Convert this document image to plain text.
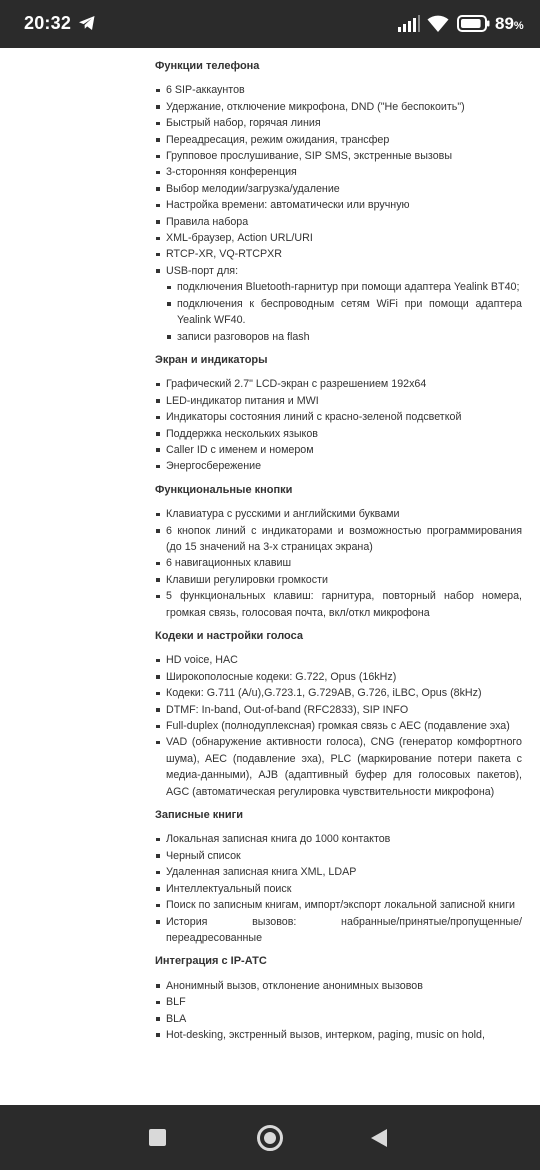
20:32	89%
Функции телефона
6 SIP-аккаунтов
Удержание, отключение микрофона, DND ("Не беспокоить")
Быстрый набор, горячая линия
Переадресация, режим ожидания, трансфер
Групповое прослушивание, SIP SMS, экстренные вызовы
3-сторонняя конференция
Выбор мелодии/загрузка/удаление
Настройка времени: автоматически или вручную
Правила набора
XML-браузер, Action URL/URI
RTCP-XR, VQ-RTCPXR
USB-порт для:
подключения Bluetooth-гарнитур при помощи адаптера Yealink BT40;
подключения к беспроводным сетям WiFi при помощи адаптера Yealink WF40.
записи разговоров на flash
Экран и индикаторы
Графический 2.7" LCD-экран с разрешением 192x64
LED-индикатор питания и MWI
Индикаторы состояния линий с красно-зеленой подсветкой
Поддержка нескольких языков
Caller ID с именем и номером
Энергосбережение
Функциональные кнопки
Клавиатура с русскими и английскими буквами
6 кнопок линий с индикаторами и возможностью программирования (до 15 значений на 3-х страницах экрана)
6 навигационных клавиш
Клавиши регулировки громкости
5 функциональных клавиш: гарнитура, повторный набор номера, громкая связь, голосовая почта, вкл/откл микрофона
Кодеки и настройки голоса
HD voice, HAC
Широкополосные кодеки: G.722, Opus (16kHz)
Кодеки: G.711 (A/u),G.723.1, G.729AB, G.726, iLBC, Opus (8kHz)
DTMF: In-band, Out-of-band (RFC2833), SIP INFO
Full-duplex (полнодуплексная) громкая связь с AEC (подавление эха)
VAD (обнаружение активности голоса), CNG (генератор комфортного шума), AEC (подавление эха), PLC (маркирование потери пакета с медиа-данными), AJB (адаптивный буфер для голосовых пакетов), AGC (автоматическая регулировка чувствительности микрофона)
Записные книги
Локальная записная книга до 1000 контактов
Черный список
Удаленная записная книга XML, LDAP
Интеллектуальный поиск
Поиск по записным книгам, импорт/экспорт локальной записной книги
История вызовов: набранные/принятые/пропущенные/ переадресованные
Интеграция с IP-АТС
Анонимный вызов, отклонение анонимных вызовов
BLF
BLA
Hot-desking, экстренный вызов, интерком, paging, music on hold,
